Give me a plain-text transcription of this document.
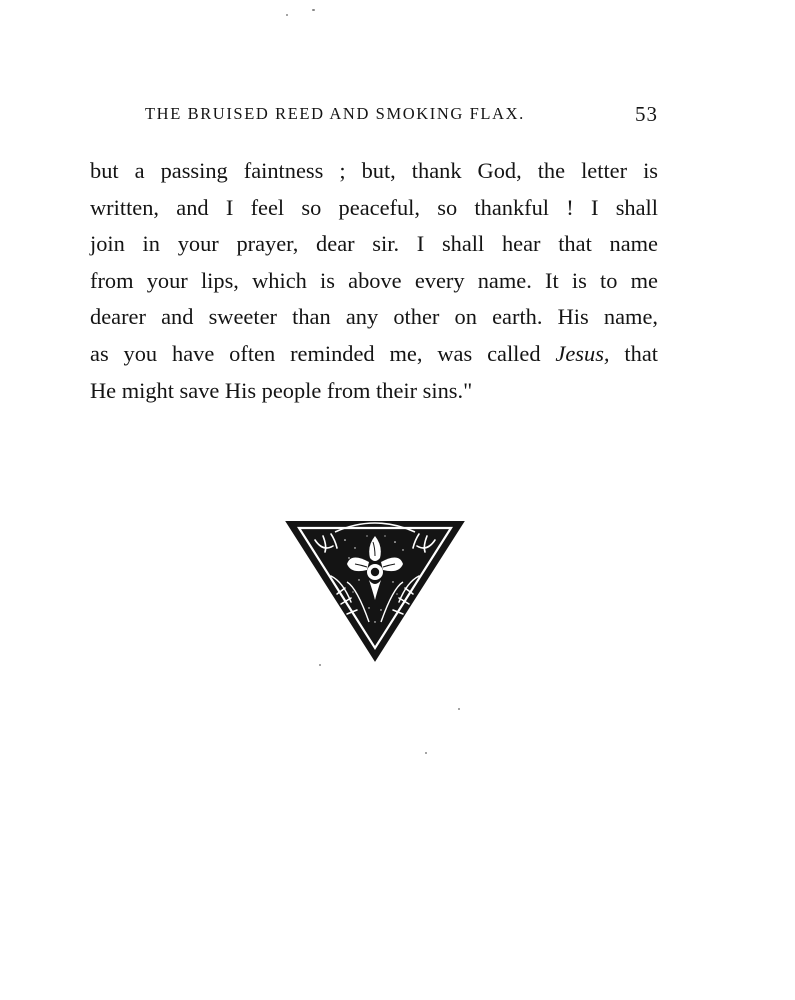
THE BRUISED REED AND SMOKING FLAX.	53
but a passing faintness ; but, thank God, the letter is
written, and I feel so peaceful, so thankful ! I shall
join in your prayer, dear sir. I shall hear that name
from your lips, which is above every name. It is to me
dearer and sweeter than any other on earth. His name,
as you have often reminded me, was called Jesus, that
He might save His people from their sins."
